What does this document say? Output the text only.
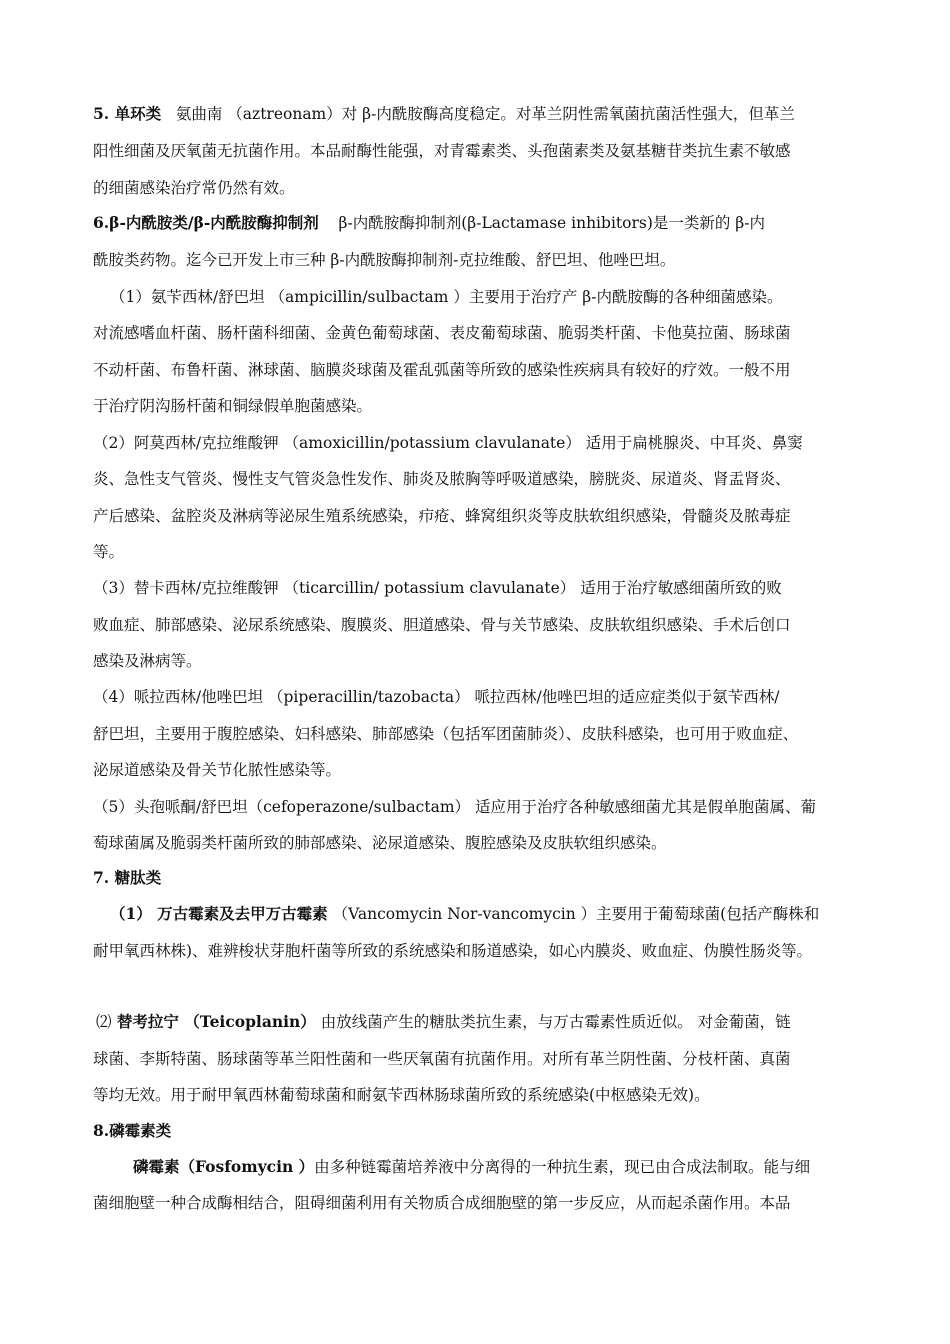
5. 单环类 氨曲南 （aztreonam）对 β-内酰胺酶高度稳定。对革兰阴性需氧菌抗菌活性强大，但革兰
阳性细菌及厌氧菌无抗菌作用。本品耐酶性能强，对青霉素类、头孢菌素类及氨基糖苷类抗生素不敏感
的细菌感染治疗常仍然有效。
6.β-内酰胺类/β-内酰胺酶抑制剂 β-内酰胺酶抑制剂(β-Lactamase inhibitors)是一类新的 β-内
酰胺类药物。迄今已开发上市三种 β-内酰胺酶抑制剂-克拉维酸、舒巴坦、他唑巴坦。
（1）氨苄西林/舒巴坦 （ampicillin/sulbactam ）主要用于治疗产 β-内酰胺酶的各种细菌感染。
对流感嗜血杆菌、肠杆菌科细菌、金黄色葡萄球菌、表皮葡萄球菌、脆弱类杆菌、卡他莫拉菌、肠球菌
不动杆菌、布鲁杆菌、淋球菌、脑膜炎球菌及霍乱弧菌等所致的感染性疾病具有较好的疗效。一般不用
于治疗阴沟肠杆菌和铜绿假单胞菌感染。
（2）阿莫西林/克拉维酸钾 （amoxicillin/potassium clavulanate） 适用于扁桃腺炎、中耳炎、鼻窦
炎、急性支气管炎、慢性支气管炎急性发作、肺炎及脓胸等呼吸道感染，膀胱炎、尿道炎、肾盂肾炎、
产后感染、盆腔炎及淋病等泌尿生殖系统感染，疖疮、蜂窝组织炎等皮肤软组织感染，骨髓炎及脓毒症
等。
（3）替卡西林/克拉维酸钾 （ticarcillin/ potassium clavulanate） 适用于治疗敏感细菌所致的败
败血症、肺部感染、泌尿系统感染、腹膜炎、胆道感染、骨与关节感染、皮肤软组织感染、手术后创口
感染及淋病等。
（4）哌拉西林/他唑巴坦 （piperacillin/tazobacta） 哌拉西林/他唑巴坦的适应症类似于氨苄西林/
舒巴坦，主要用于腹腔感染、妇科感染、肺部感染（包括军团菌肺炎）、皮肤科感染，也可用于败血症、
泌尿道感染及骨关节化脓性感染等。
（5）头孢哌酮/舒巴坦（cefoperazone/sulbactam） 适应用于治疗各种敏感细菌尤其是假单胞菌属、葡
萄球菌属及脆弱类杆菌所致的肺部感染、泌尿道感染、腹腔感染及皮肤软组织感染。
7. 糖肽类
（1） 万古霉素及去甲万古霉素 （Vancomycin Nor-vancomycin ）主要用于葡萄球菌(包括产酶株和
耐甲氧西林株)、难辨梭状芽胞杆菌等所致的系统感染和肠道感染，如心内膜炎、败血症、伪膜性肠炎等。
⑵ 替考拉宁 （Teicoplanin） 由放线菌产生的糖肽类抗生素，与万古霉素性质近似。 对金葡菌，链
球菌、李斯特菌、肠球菌等革兰阳性菌和一些厌氧菌有抗菌作用。对所有革兰阴性菌、分枝杆菌、真菌
等均无效。用于耐甲氧西林葡萄球菌和耐氨苄西林肠球菌所致的系统感染(中枢感染无效)。
8.磷霉素类
磷霉素（Fosfomycin ）由多种链霉菌培养液中分离得的一种抗生素，现已由合成法制取。能与细
菌细胞壁一种合成酶相结合，阻碍细菌利用有关物质合成细胞壁的第一步反应，从而起杀菌作用。本品
